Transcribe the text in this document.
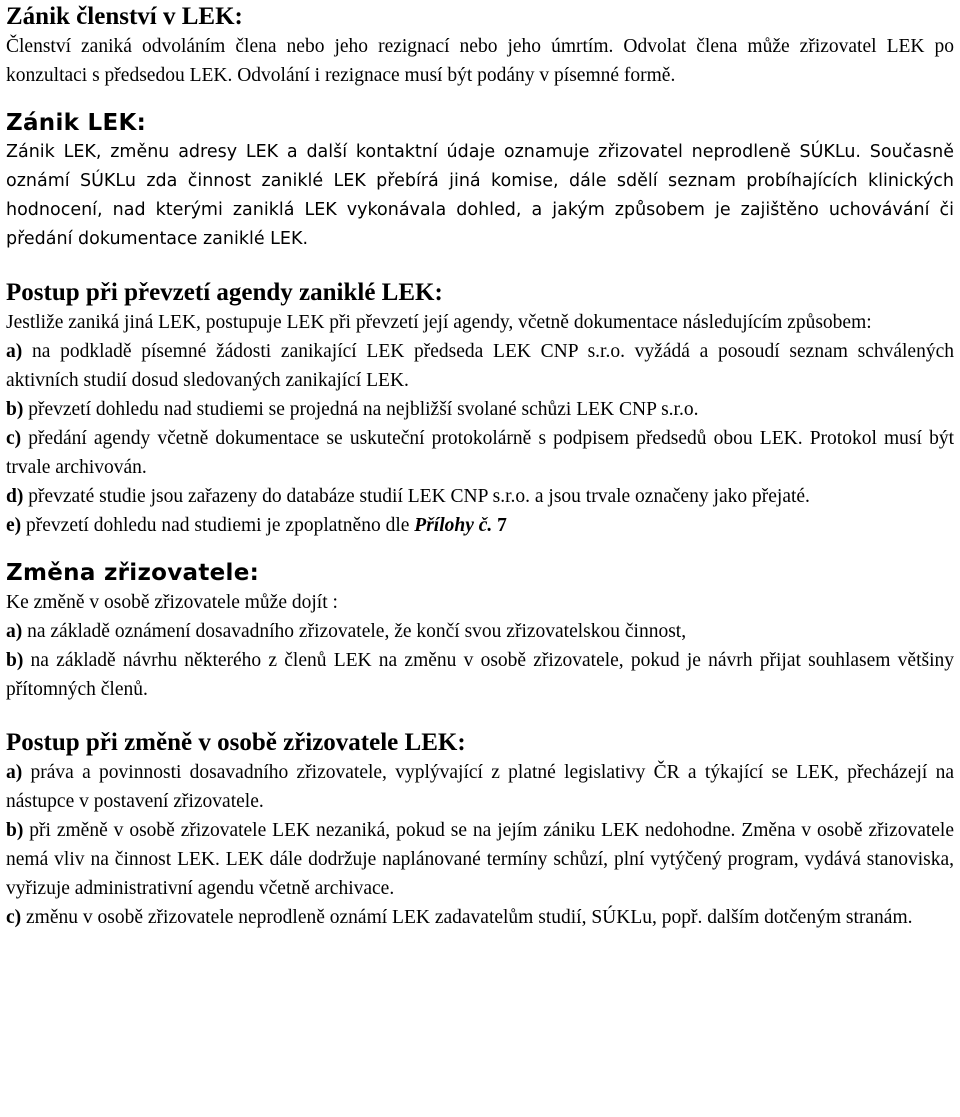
Zánik členství v LEK:

Členství zaniká odvoláním člena nebo jeho rezignací nebo jeho úmrtím. Odvolat člena může zřizovatel LEK po konzultaci s předsedou LEK. Odvolání i rezignace musí být podány v písemné formě.

Zánik LEK:

Zánik LEK, změnu adresy LEK a další kontaktní údaje oznamuje zřizovatel neprodleně SÚKLu. Současně oznámí SÚKLu zda činnost zaniklé LEK přebírá jiná komise, dále sdělí seznam probíhajících klinických hodnocení, nad kterými zaniklá LEK vykonávala dohled, a jakým způsobem je zajištěno uchovávání či předání dokumentace zaniklé LEK.

Postup při převzetí agendy zaniklé LEK:

Jestliže zaniká jiná LEK, postupuje LEK při převzetí její agendy, včetně dokumentace následujícím způsobem:

a) na podkladě písemné žádosti zanikající LEK předseda LEK CNP s.r.o. vyžádá a posoudí seznam schválených aktivních studií dosud sledovaných zanikající LEK.

b) převzetí dohledu nad studiemi se projedná na nejbližší svolané schůzi LEK CNP s.r.o.

c) předání agendy včetně dokumentace se uskuteční protokolárně s podpisem předsedů obou LEK. Protokol musí být trvale archivován.

d) převzaté studie jsou zařazeny do databáze studií LEK CNP s.r.o. a jsou trvale označeny jako přejaté.

e) převzetí dohledu nad studiemi je zpoplatněno dle Přílohy č. 7

Změna zřizovatele:

Ke změně v osobě zřizovatele může dojít :

a) na základě oznámení dosavadního zřizovatele, že končí svou zřizovatelskou činnost,

b) na základě návrhu některého z členů LEK na změnu v osobě zřizovatele, pokud je návrh přijat souhlasem většiny přítomných členů.

Postup při změně v osobě zřizovatele LEK:

a) práva a povinnosti dosavadního zřizovatele, vyplývající z platné legislativy ČR a týkající se LEK, přecházejí na nástupce v postavení zřizovatele.

b) při změně v osobě zřizovatele LEK nezaniká, pokud se na jejím zániku LEK nedohodne. Změna v osobě zřizovatele nemá vliv na činnost LEK. LEK dále dodržuje naplánované termíny schůzí, plní vytýčený program, vydává stanoviska, vyřizuje administrativní agendu včetně archivace.

c) změnu v osobě zřizovatele neprodleně oznámí LEK zadavatelům studií, SÚKLu, popř. dalším dotčeným stranám.
